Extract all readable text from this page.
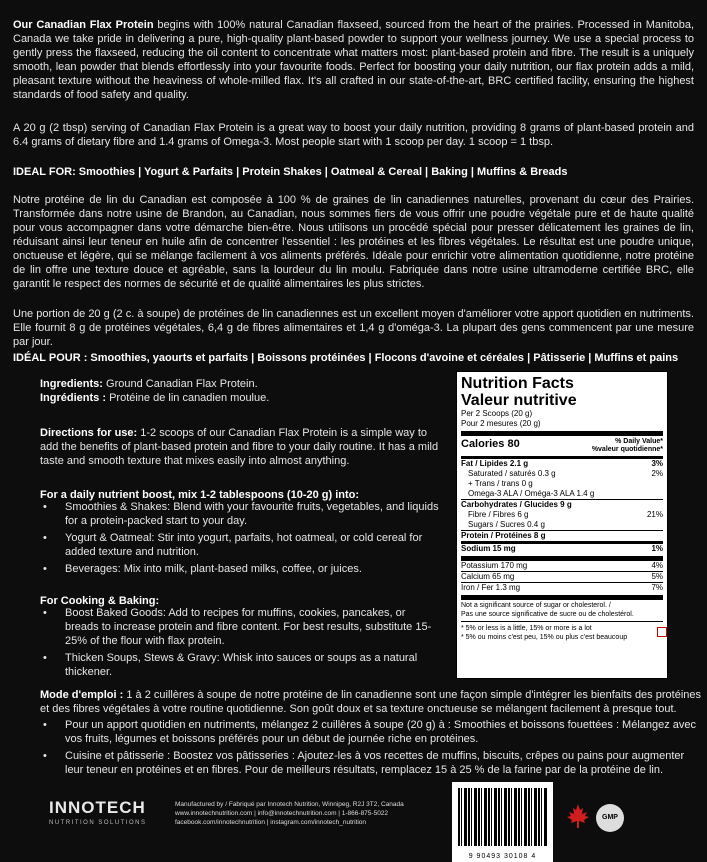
Our Canadian Flax Protein begins with 100% natural Canadian flaxseed, sourced from the heart of the prairies. Processed in Manitoba, Canada we take pride in delivering a pure, high-quality plant-based powder to support your wellness journey. We use a special process to gently press the flaxseed, reducing the oil content to concentrate what matters most: plant-based protein and fibre. The result is a uniquely smooth, lean powder that blends effortlessly into your favourite foods. Perfect for boosting your daily nutrition, our flax protein adds a mild, pleasant texture without the heaviness of whole-milled flax. It's all crafted in our state-of-the-art, BRC certified facility, ensuring the highest standards of food safety and quality.
A 20 g (2 tbsp) serving of Canadian Flax Protein is a great way to boost your daily nutrition, providing 8 grams of plant-based protein and 6.4 grams of dietary fibre and 1.4 grams of Omega-3. Most people start with 1 scoop per day. 1 scoop = 1 tbsp.
IDEAL FOR: Smoothies | Yogurt & Parfaits | Protein Shakes | Oatmeal & Cereal | Baking | Muffins & Breads
Notre protéine de lin du Canadian est composée à 100 % de graines de lin canadiennes naturelles, provenant du cœur des Prairies. Transformée dans notre usine de Brandon, au Canadian, nous sommes fiers de vous offrir une poudre végétale pure et de haute qualité pour vous accompagner dans votre démarche bien-être. Nous utilisons un procédé spécial pour presser délicatement les graines de lin, réduisant ainsi leur teneur en huile afin de concentrer l'essentiel : les protéines et les fibres végétales. Le résultat est une poudre unique, onctueuse et légère, qui se mélange facilement à vos aliments préférés. Idéale pour enrichir votre alimentation quotidienne, notre protéine de lin offre une texture douce et agréable, sans la lourdeur du lin moulu. Fabriquée dans notre usine ultramoderne certifiée BRC, elle garantit le respect des normes de sécurité et de qualité alimentaires les plus strictes.
Une portion de 20 g (2 c. à soupe) de protéines de lin canadiennes est un excellent moyen d'améliorer votre apport quotidien en nutriments. Elle fournit 8 g de protéines végétales, 6,4 g de fibres alimentaires et 1,4 g d'oméga-3. La plupart des gens commencent par une mesure par jour.
IDÉAL POUR : Smoothies, yaourts et parfaits | Boissons protéinées | Flocons d'avoine et céréales | Pâtisserie | Muffins et pains
Ingredients: Ground Canadian Flax Protein.
Ingrédients : Protéine de lin canadien moulue.
Directions for use: 1-2 scoops of our Canadian Flax Protein is a simple way to add the benefits of plant-based protein and fibre to your daily routine. It has a mild taste and smooth texture that mixes easily into almost anything.
For a daily nutrient boost, mix 1-2 tablespoons (10-20 g) into:
• Smoothies & Shakes: Blend with your favourite fruits, vegetables, and liquids for a protein-packed start to your day.
• Yogurt & Oatmeal: Stir into yogurt, parfaits, hot oatmeal, or cold cereal for added texture and nutrition.
• Beverages: Mix into milk, plant-based milks, coffee, or juices.
For Cooking & Baking:
• Boost Baked Goods: Add to recipes for muffins, cookies, pancakes, or breads to increase protein and fibre content. For best results, substitute 15-25% of the flour with flax protein.
• Thicken Soups, Stews & Gravy: Whisk into sauces or soups as a natural thickener.
Mode d'emploi : 1 à 2 cuillères à soupe de notre protéine de lin canadienne sont une façon simple d'intégrer les bienfaits des protéines et des fibres végétales à votre routine quotidienne. Son goût doux et sa texture onctueuse se mélangent facilement à presque tout.
• Pour un apport quotidien en nutriments, mélangez 2 cuillères à soupe (20 g) à : Smoothies et boissons fouettées : Mélangez avec vos fruits, légumes et boissons préférés pour un début de journée riche en protéines.
• Cuisine et pâtisserie : Boostez vos pâtisseries : Ajoutez-les à vos recettes de muffins, biscuits, crêpes ou pains pour augmenter leur teneur en protéines et en fibres. Pour de meilleurs résultats, remplacez 15 à 25 % de la farine par de la protéine de lin.
Nutrition Facts
Valeur nutritive
Per 2 Scoops (20 g)
Pour 2 mesures (20 g)
Calories 80	% Daily Value*
%valeur quotidienne*
Fat / Lipides 2.1 g	3%
Saturated / saturés 0.3 g	2%
+ Trans / trans 0 g
Omega-3 ALA / Oméga-3 ALA 1.4 g
Carbohydrates / Glucides 9 g
Fibre / Fibres 6 g	21%
Sugars / Sucres 0.4 g
Protein / Protéines 8 g
Sodium 15 mg	1%
Potassium 170 mg	4%
Calcium 65 mg	5%
Iron / Fer 1.3 mg	7%
Not a significant source of sugar or cholesterol. /
Pas une source significative de sucre ou de cholestérol.
* 5% or less is a little, 15% or more is a lot
* 5% ou moins c'est peu, 15% ou plus c'est beaucoup
INNOTECH
NUTRITION SOLUTIONS
Manufactured by / Fabriqué par Innotech Nutrition, Winnipeg, R2J 3T2, Canada
www.innotechnutrition.com | info@innotechnutrition.com | 1-866-875-5022
facebook.com/innotechnutrition | instagram.com/innotech_nutrition
9 90493 30108 4
GMP
